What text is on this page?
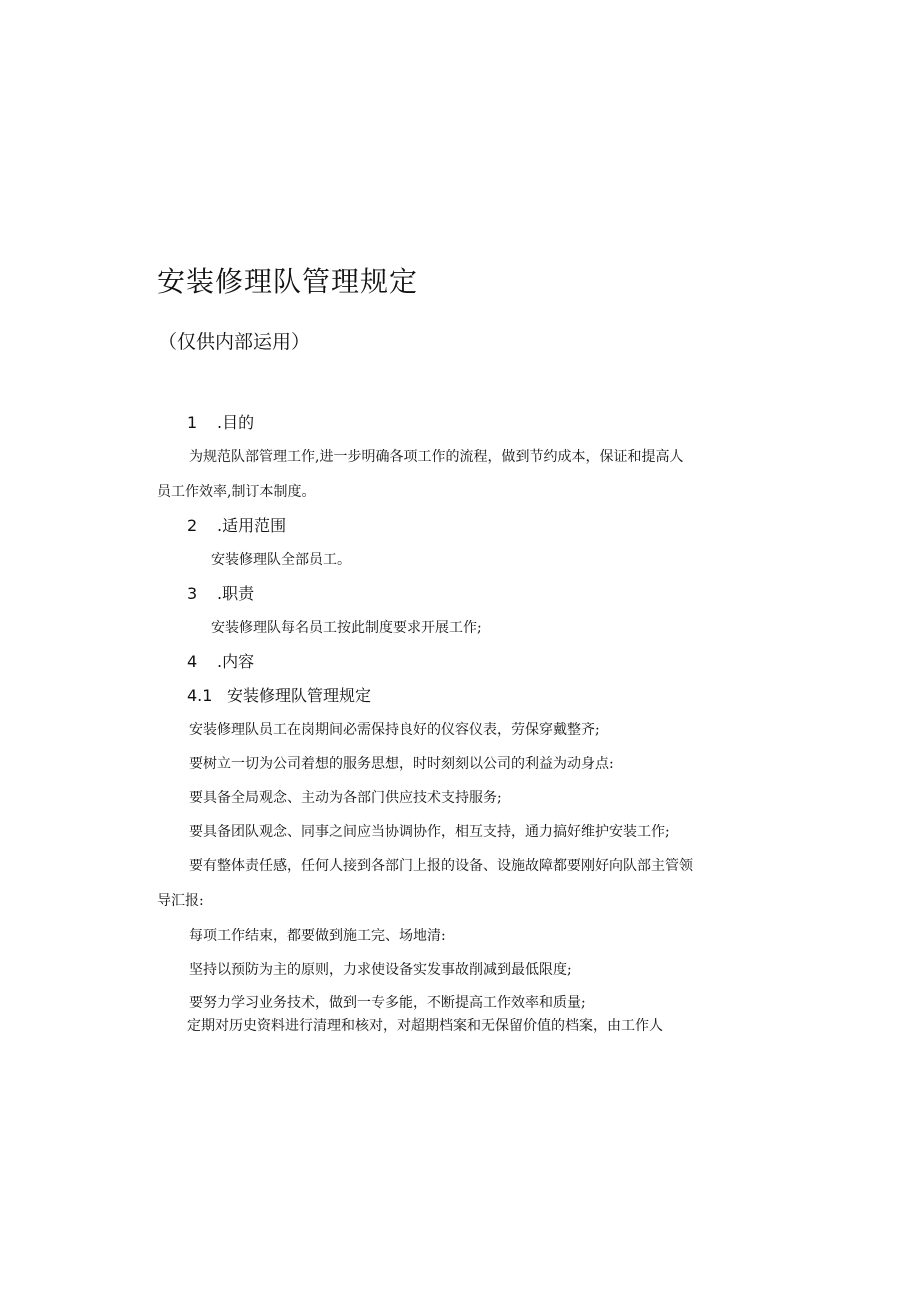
安装修理队管理规定
（仅供内部运用）
1 .目的

为规范队部管理工作,进一步明确各项工作的流程，做到节约成本，保证和提高人

员工作效率,制订本制度。

2 .适用范围

安装修理队全部员工。

3 .职责

安装修理队每名员工按此制度要求开展工作;

4 .内容
4.1 安装修理队管理规定

安装修理队员工在岗期间必需保持良好的仪容仪表，劳保穿戴整齐;

要树立一切为公司着想的服务思想，时时刻刻以公司的利益为动身点:

要具备全局观念、主动为各部门供应技术支持服务;

要具备团队观念、同事之间应当协调协作，相互支持，通力搞好维护安装工作;

要有整体责任感，任何人接到各部门上报的设备、设施故障都要刚好向队部主管领

导汇报:

每项工作结束，都要做到施工完、场地清:

坚持以预防为主的原则，力求使设备实发事故削减到最低限度;

要努力学习业务技术，做到一专多能，不断提高工作效率和质量;

定期对历史资料进行清理和核对，对超期档案和无保留价值的档案，由工作人
